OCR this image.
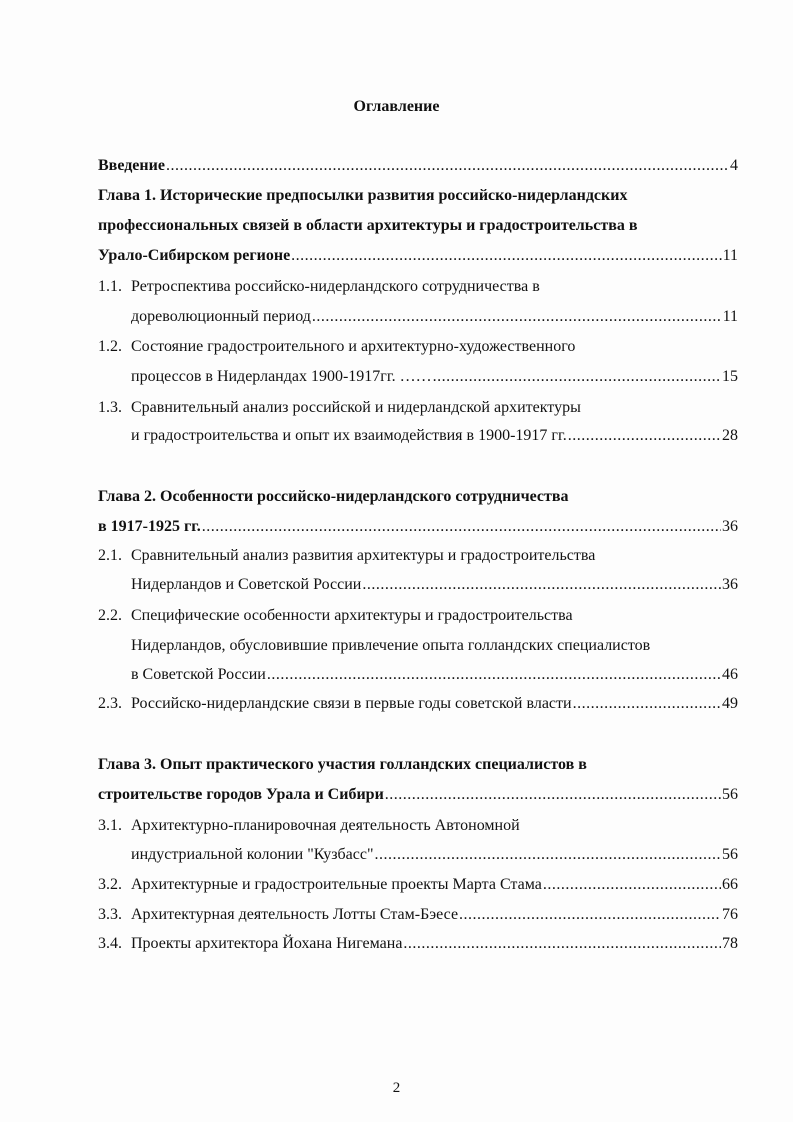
Оглавление
Введение .....	4
Глава 1. Исторические предпосылки развития российско-нидерландских
профессиональных связей в области архитектуры и градостроительства в
Урало-Сибирском регионе .....	11
1.1. Ретроспектива российско-нидерландского сотрудничества в
дореволюционный период .....	11
1.2. Состояние градостроительного и архитектурно-художественного
процессов в Нидерландах 1900-1917гг. …… .....	15
1.3. Сравнительный анализ российской и нидерландской архитектуры
и градостроительства и опыт их взаимодействия в 1900-1917 гг. .....	28
Глава 2. Особенности российско-нидерландского сотрудничества
в 1917-1925 гг. .....	36
2.1. Сравнительный анализ развития архитектуры и градостроительства
Нидерландов и Советской России .....	36
2.2. Специфические особенности архитектуры и градостроительства
Нидерландов, обусловившие привлечение опыта голландских специалистов
в Советской России .....	46
2.3. Российско-нидерландские связи в первые годы советской власти .....	49
Глава 3. Опыт практического участия голландских специалистов в
строительстве городов Урала и Сибири .....	56
3.1. Архитектурно-планировочная деятельность Автономной
индустриальной колонии "Кузбасс" .....	56
3.2. Архитектурные и градостроительные проекты Марта Стама .....	66
3.3. Архитектурная деятельность Лотты Стам-Бэесе .....	76
3.4. Проекты архитектора Йохана Нигемана .....	78
2
